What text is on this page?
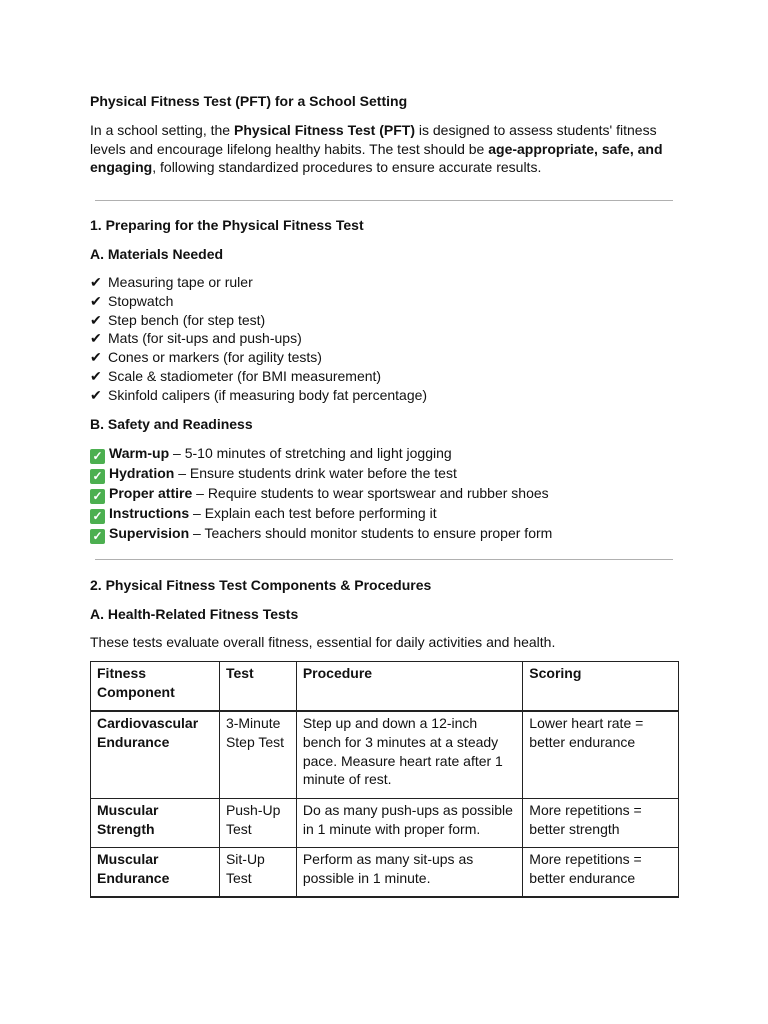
Physical Fitness Test (PFT) for a School Setting

In a school setting, the Physical Fitness Test (PFT) is designed to assess students' fitness levels and encourage lifelong healthy habits. The test should be age-appropriate, safe, and engaging, following standardized procedures to ensure accurate results.

1. Preparing for the Physical Fitness Test

A. Materials Needed

✔ Measuring tape or ruler
✔ Stopwatch
✔ Step bench (for step test)
✔ Mats (for sit-ups and push-ups)
✔ Cones or markers (for agility tests)
✔ Scale & stadiometer (for BMI measurement)
✔ Skinfold calipers (if measuring body fat percentage)

B. Safety and Readiness

✓ Warm-up – 5-10 minutes of stretching and light jogging
✓ Hydration – Ensure students drink water before the test
✓ Proper attire – Require students to wear sportswear and rubber shoes
✓ Instructions – Explain each test before performing it
✓ Supervision – Teachers should monitor students to ensure proper form

2. Physical Fitness Test Components & Procedures

A. Health-Related Fitness Tests

These tests evaluate overall fitness, essential for daily activities and health.

Fitness Component	Test	Procedure	Scoring
Cardiovascular Endurance	3-Minute Step Test	Step up and down a 12-inch bench for 3 minutes at a steady pace. Measure heart rate after 1 minute of rest.	Lower heart rate = better endurance
Muscular Strength	Push-Up Test	Do as many push-ups as possible in 1 minute with proper form.	More repetitions = better strength
Muscular Endurance	Sit-Up Test	Perform as many sit-ups as possible in 1 minute.	More repetitions = better endurance
